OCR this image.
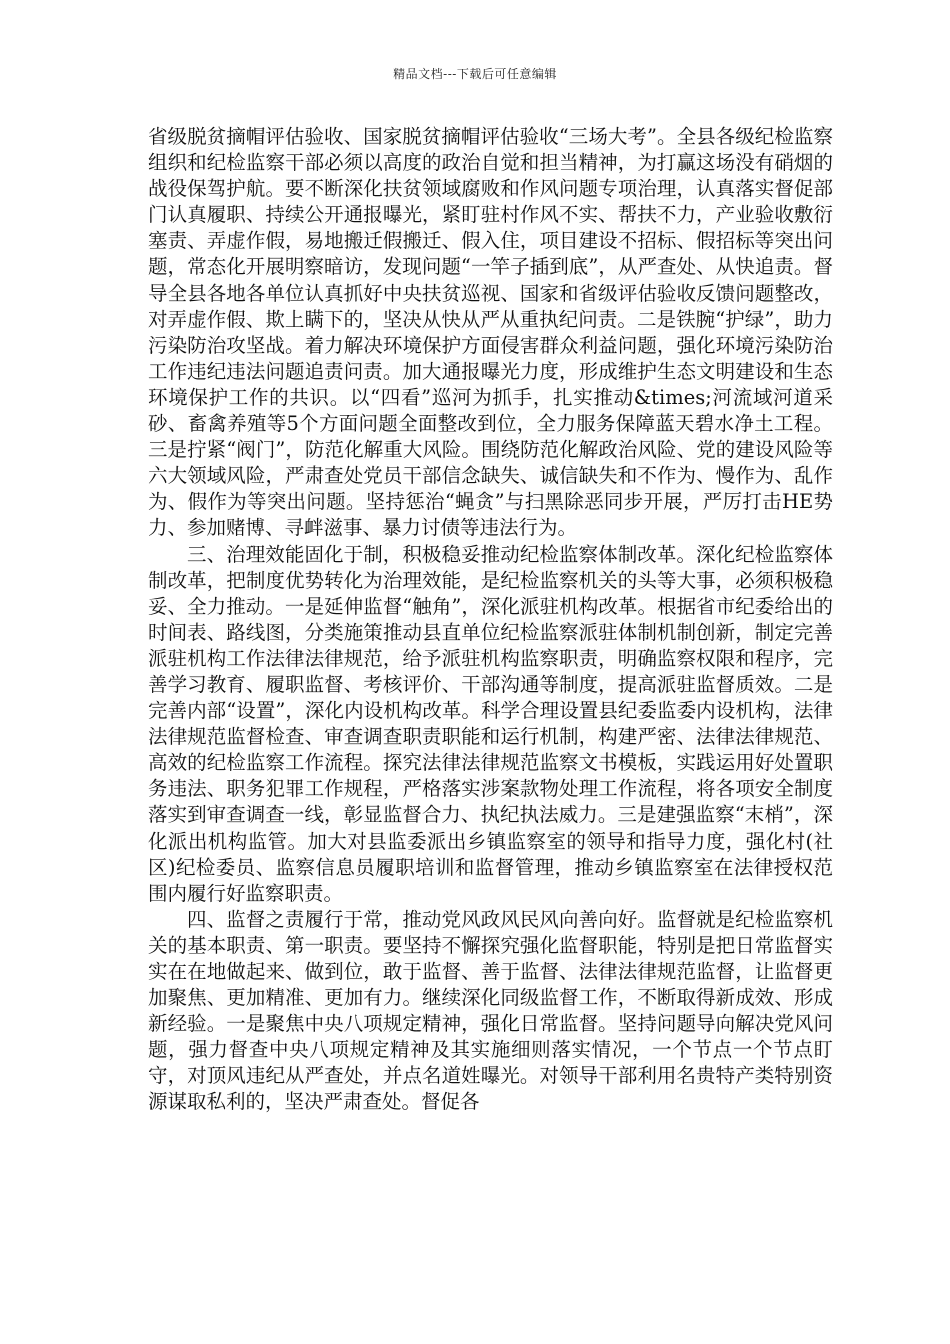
精品文档---下载后可任意编辑

省级脱贫摘帽评估验收、国家脱贫摘帽评估验收“三场大考”。全县各级纪检监察组织和纪检监察干部必须以高度的政治自觉和担当精神，为打赢这场没有硝烟的战役保驾护航。要不断深化扶贫领域腐败和作风问题专项治理，认真落实督促部门认真履职、持续公开通报曝光，紧盯驻村作风不实、帮扶不力，产业验收敷衍塞责、弄虚作假，易地搬迁假搬迁、假入住，项目建设不招标、假招标等突出问题，常态化开展明察暗访，发现问题“一竿子插到底”，从严查处、从快追责。督导全县各地各单位认真抓好中央扶贫巡视、国家和省级评估验收反馈问题整改，对弄虚作假、欺上瞒下的，坚决从快从严从重执纪问责。二是铁腕“护绿”，助力污染防治攻坚战。着力解决环境保护方面侵害群众利益问题，强化环境污染防治工作违纪违法问题追责问责。加大通报曝光力度，形成维护生态文明建设和生态环境保护工作的共识。以“四看”巡河为抓手，扎实推动&times;河流域河道采砂、畜禽养殖等5个方面问题全面整改到位，全力服务保障蓝天碧水净土工程。三是拧紧“阀门”，防范化解重大风险。围绕防范化解政治风险、党的建设风险等六大领域风险，严肃查处党员干部信念缺失、诚信缺失和不作为、慢作为、乱作为、假作为等突出问题。坚持惩治“蝇贪”与扫黑除恶同步开展，严厉打击HE势力、参加赌博、寻衅滋事、暴力讨债等违法行为。

三、治理效能固化于制，积极稳妥推动纪检监察体制改革。深化纪检监察体制改革，把制度优势转化为治理效能，是纪检监察机关的头等大事，必须积极稳妥、全力推动。一是延伸监督“触角”，深化派驻机构改革。根据省市纪委给出的时间表、路线图，分类施策推动县直单位纪检监察派驻体制机制创新，制定完善派驻机构工作法律法律规范，给予派驻机构监察职责，明确监察权限和程序，完善学习教育、履职监督、考核评价、干部沟通等制度，提高派驻监督质效。二是完善内部“设置”，深化内设机构改革。科学合理设置县纪委监委内设机构，法律法律规范监督检查、审查调查职责职能和运行机制，构建严密、法律法律规范、高效的纪检监察工作流程。探究法律法律规范监察文书模板，实践运用好处置职务违法、职务犯罪工作规程，严格落实涉案款物处理工作流程，将各项安全制度落实到审查调查一线，彰显监督合力、执纪执法威力。三是建强监察“末梢”，深化派出机构监管。加大对县监委派出乡镇监察室的领导和指导力度，强化村(社区)纪检委员、监察信息员履职培训和监督管理，推动乡镇监察室在法律授权范围内履行好监察职责。

四、监督之责履行于常，推动党风政风民风向善向好。监督就是纪检监察机关的基本职责、第一职责。要坚持不懈探究强化监督职能，特别是把日常监督实实在在地做起来、做到位，敢于监督、善于监督、法律法律规范监督，让监督更加聚焦、更加精准、更加有力。继续深化同级监督工作，不断取得新成效、形成新经验。一是聚焦中央八项规定精神，强化日常监督。坚持问题导向解决党风问题，强力督查中央八项规定精神及其实施细则落实情况，一个节点一个节点盯守，对顶风违纪从严查处，并点名道姓曝光。对领导干部利用名贵特产类特别资源谋取私利的，坚决严肃查处。督促各
